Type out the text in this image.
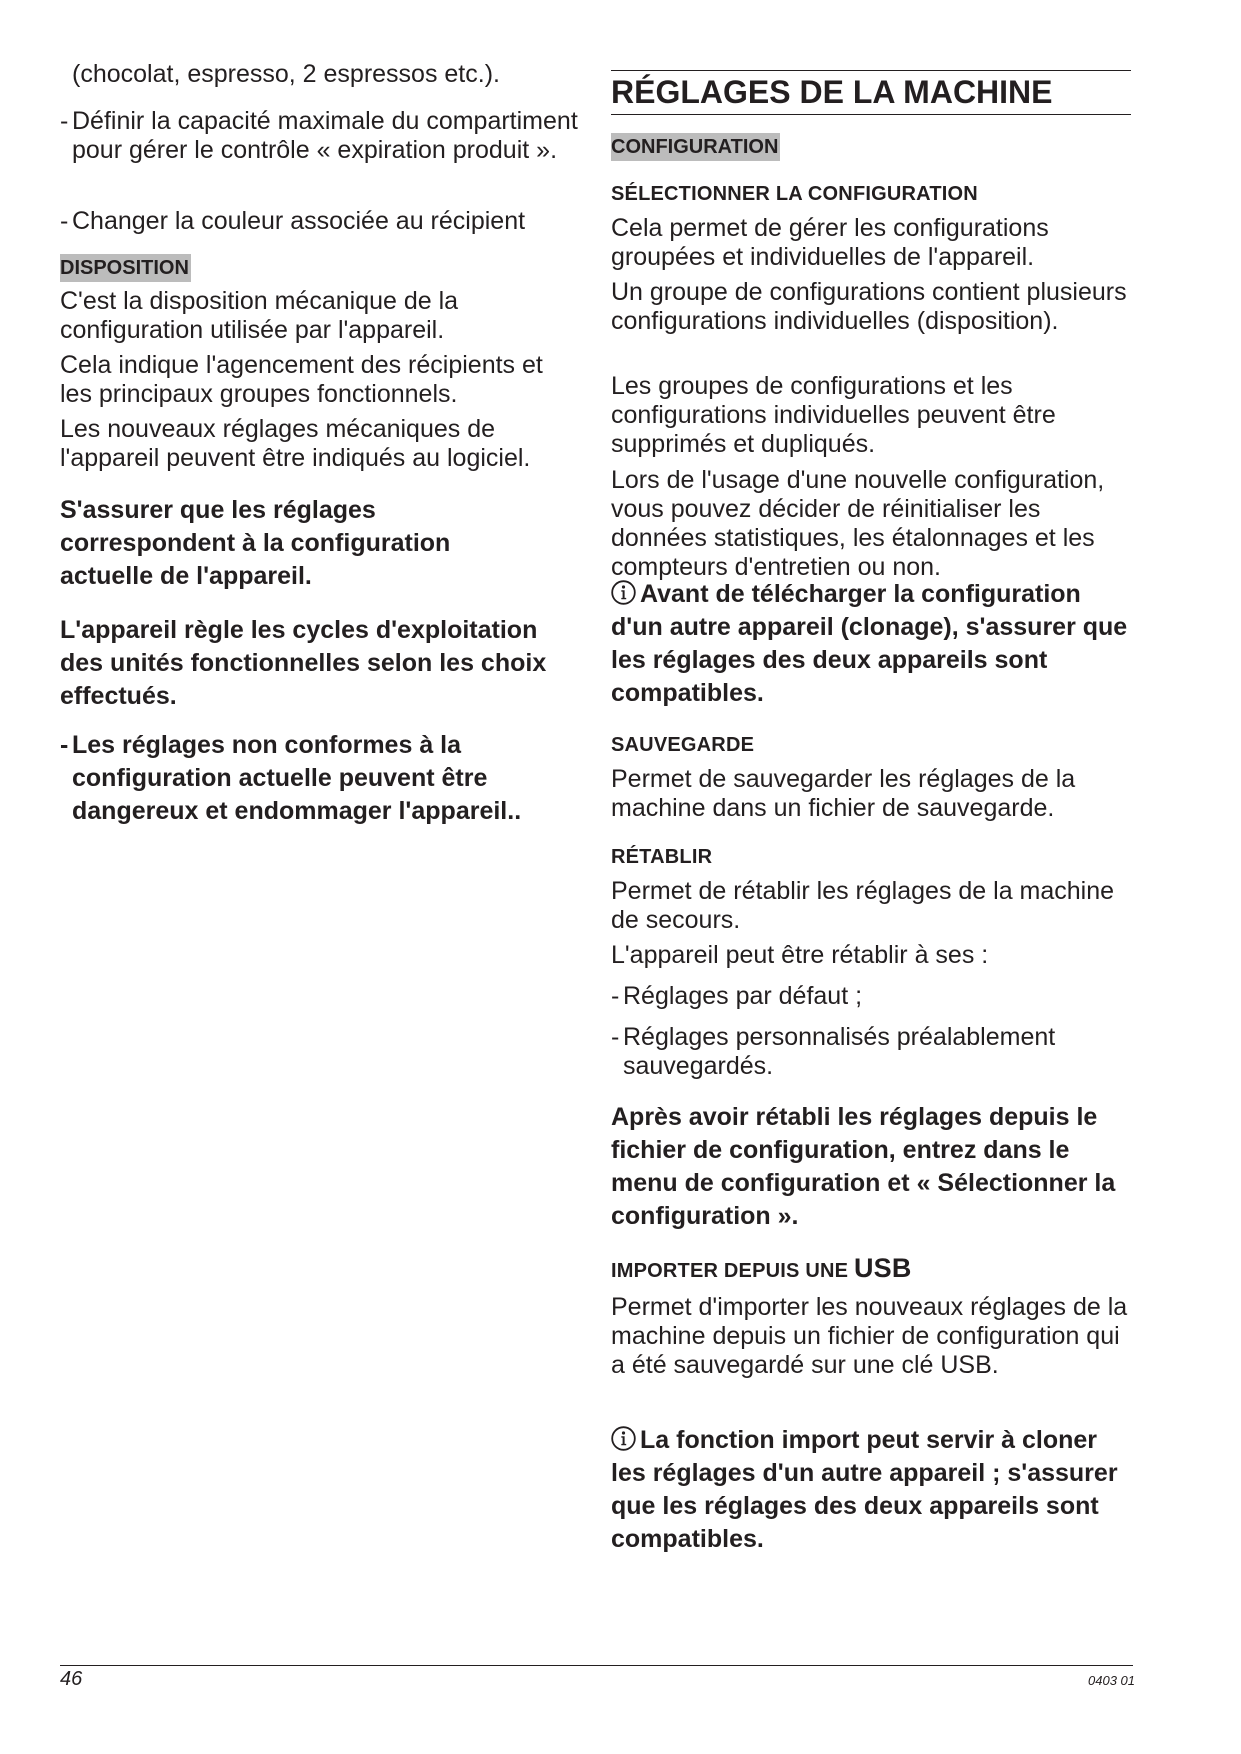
(chocolat, espresso, 2 espressos etc.).

- Définir la capacité maximale du compartiment pour gérer le contrôle « expiration produit ».
- Changer la couleur associée au récipient
DISPOSITION

C'est la disposition mécanique de la configuration utilisée par l'appareil.

Cela indique l'agencement des récipients et les principaux groupes fonctionnels.

Les nouveaux réglages mécaniques de l'appareil peuvent être indiqués au logiciel.

S'assurer que les réglages correspondent à la configuration actuelle de l'appareil.

L'appareil règle les cycles d'exploitation des unités fonctionnelles selon les choix effectués.

- Les réglages non conformes à la configuration actuelle peuvent être dangereux et endommager l'appareil..
RÉGLAGES DE LA MACHINE
CONFIGURATION
SÉLECTIONNER LA CONFIGURATION

Cela permet de gérer les configurations groupées et individuelles de l'appareil.

Un groupe de configurations contient plusieurs configurations individuelles (disposition).

Les groupes de configurations et les configurations individuelles peuvent être supprimés et dupliqués.

Lors de l'usage d'une nouvelle configuration, vous pouvez décider de réinitialiser les données statistiques, les étalonnages et les compteurs d'entretien ou non.

Avant de télécharger la configuration d'un autre appareil (clonage), s'assurer que les réglages des deux appareils sont compatibles.

SAUVEGARDE

Permet de sauvegarder les réglages de la machine dans un fichier de sauvegarde.

RÉTABLIR

Permet de rétablir les réglages de la machine de secours.

L'appareil peut être rétablir à ses :

- Réglages par défaut ;
- Réglages personnalisés préalablement sauvegardés.

Après avoir rétabli les réglages depuis le fichier de configuration, entrez dans le menu de configuration et « Sélectionner la configuration ».

IMPORTER DEPUIS UNE USB

Permet d'importer les nouveaux réglages de la machine depuis un fichier de configuration qui a été sauvegardé sur une clé USB.

La fonction import peut servir à cloner les réglages d'un autre appareil ; s'assurer que les réglages des deux appareils sont compatibles.

46	0403 01
